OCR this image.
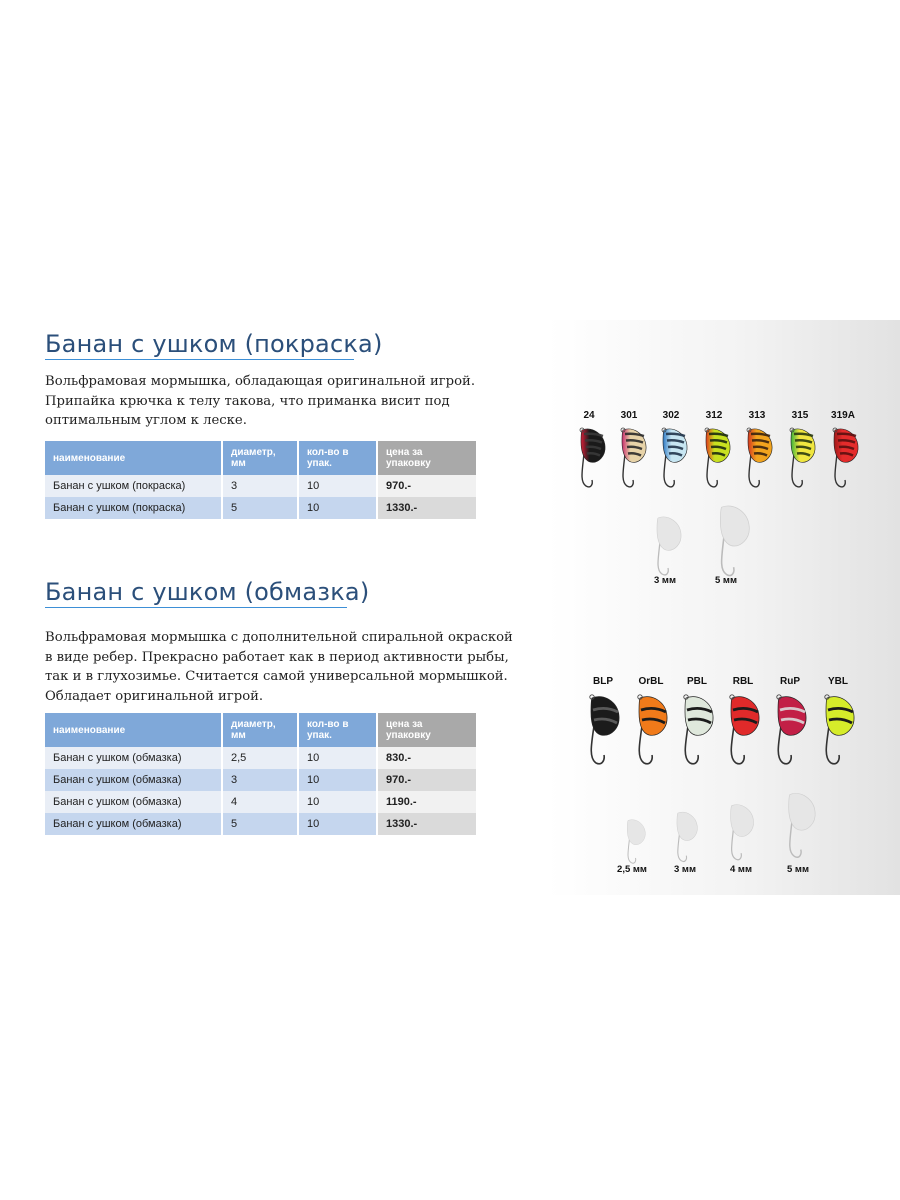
Банан с ушком (покраска)
Вольфрамовая мормышка, обладающая оригинальной игрой.
Припайка крючка к телу такова, что приманка висит под
оптимальным углом к леске.
наименование	диаметр, мм	кол-во в упак.	цена за упаковку
Банан с ушком (покраска)	3	10	970.-
Банан с ушком (покраска)	5	10	1330.-
Банан с ушком (обмазка)
Вольфрамовая мормышка с дополнительной спиральной окраской
в виде ребер. Прекрасно работает как в период активности рыбы,
так и в глухозимье. Считается самой универсальной мормышкой.
Обладает оригинальной игрой.
наименование	диаметр, мм	кол-во в упак.	цена за упаковку
Банан с ушком (обмазка)	2,5	10	830.-
Банан с ушком (обмазка)	3	10	970.-
Банан с ушком (обмазка)	4	10	1190.-
Банан с ушком (обмазка)	5	10	1330.-
24	301	302	312	313	315 319A
3 мм	5 мм
BLP	OrBL PBL	RBL	RuP	YBL
2,5 мм	3 мм	4 мм	5 мм
